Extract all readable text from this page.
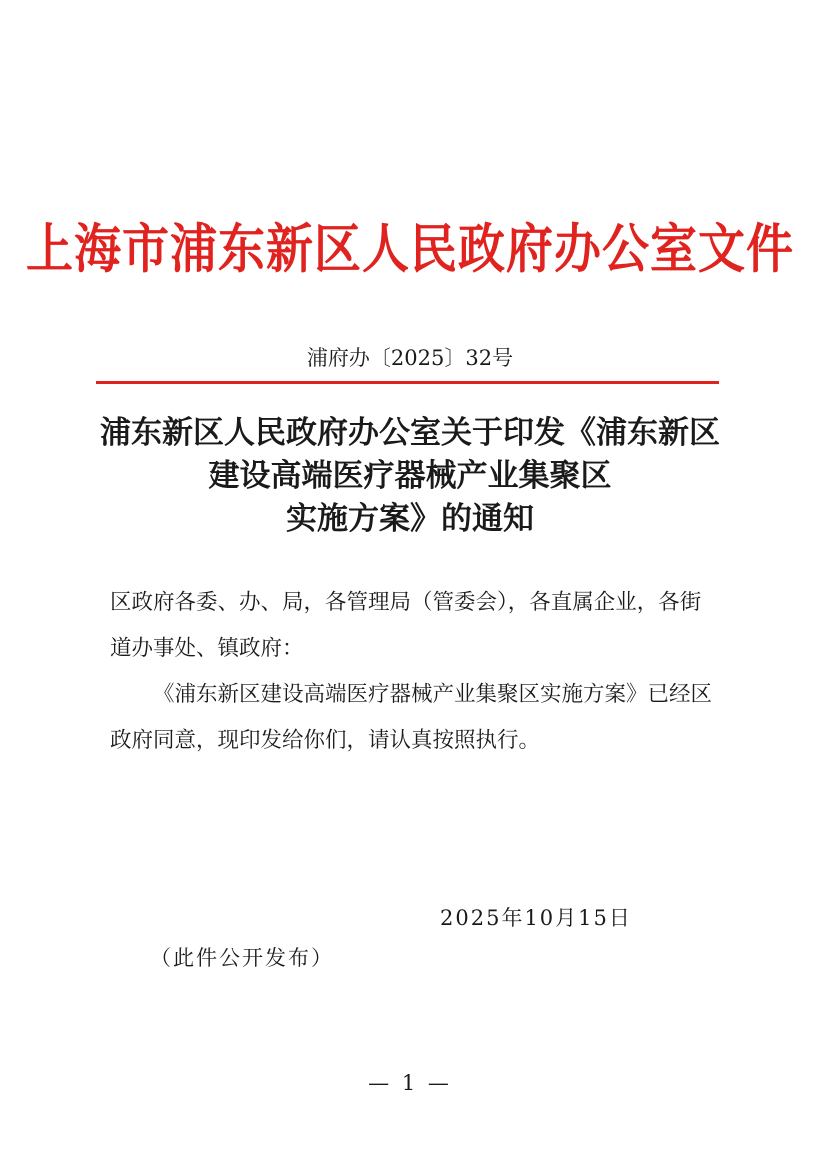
上海市浦东新区人民政府办公室文件
浦府办〔2025〕32号
浦东新区人民政府办公室关于印发《浦东新区
建设高端医疗器械产业集聚区
实施方案》的通知

区政府各委、办、局，各管理局（管委会），各直属企业，各街道办事处、镇政府：

《浦东新区建设高端医疗器械产业集聚区实施方案》已经区政府同意，现印发给你们，请认真按照执行。

2025年10月15日
（此件公开发布）
— 1 —
